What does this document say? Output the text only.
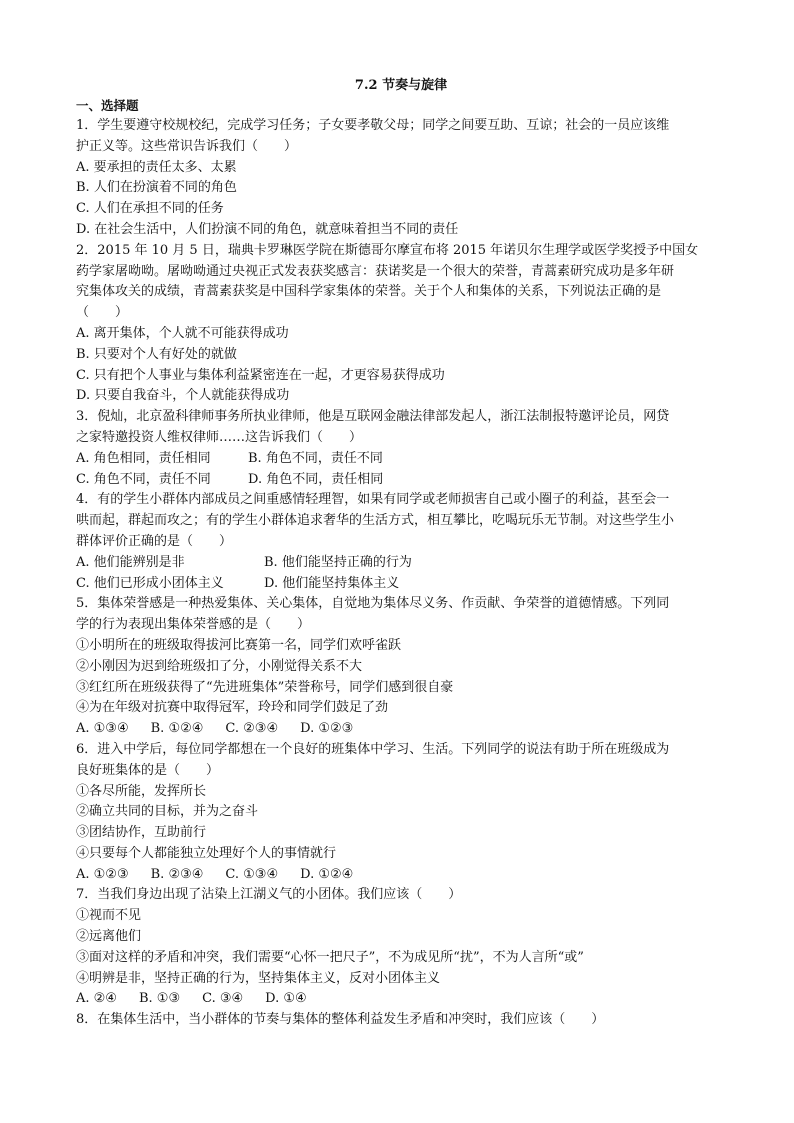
7.2 节奏与旋律
一、选择题
1．学生要遵守校规校纪，完成学习任务；子女要孝敬父母；同学之间要互助、互谅；社会的一员应该维
护正义等。这些常识告诉我们（　　）
A. 要承担的责任太多、太累
B. 人们在扮演着不同的角色
C. 人们在承担不同的任务
D. 在社会生活中，人们扮演不同的角色，就意味着担当不同的责任
2．2015 年 10 月 5 日，瑞典卡罗琳医学院在斯德哥尔摩宣布将 2015 年诺贝尔生理学或医学奖授予中国女
药学家屠呦呦。屠呦呦通过央视正式发表获奖感言：获诺奖是一个很大的荣誉，青蒿素研究成功是多年研
究集体攻关的成绩，青蒿素获奖是中国科学家集体的荣誉。关于个人和集体的关系，下列说法正确的是
（　　）
A. 离开集体，个人就不可能获得成功
B. 只要对个人有好处的就做
C. 只有把个人事业与集体利益紧密连在一起，才更容易获得成功
D. 只要自我奋斗，个人就能获得成功
3．倪灿，北京盈科律师事务所执业律师，他是互联网金融法律部发起人，浙江法制报特邀评论员，网贷
之家特邀投资人维权律师……这告诉我们（　　）
A. 角色相同，责任相同	B. 角色不同，责任不同
C. 角色不同，责任不同	D. 角色不同，责任相同
4．有的学生小群体内部成员之间重感情轻理智，如果有同学或老师损害自己或小圈子的利益，甚至会一
哄而起，群起而攻之；有的学生小群体追求奢华的生活方式，相互攀比，吃喝玩乐无节制。对这些学生小
群体评价正确的是（　　）
A. 他们能辨别是非	B. 他们能坚持正确的行为
C. 他们已形成小团体主义	D. 他们能坚持集体主义
5．集体荣誉感是一种热爱集体、关心集体，自觉地为集体尽义务、作贡献、争荣誉的道德情感。下列同
学的行为表现出集体荣誉感的是（　　）
①小明所在的班级取得拔河比赛第一名，同学们欢呼雀跃
②小刚因为迟到给班级扣了分，小刚觉得关系不大
③红红所在班级获得了“先进班集体”荣誉称号，同学们感到很自豪
④为在年级对抗赛中取得冠军，玲玲和同学们鼓足了劲
A. ①③④ B. ①②④ C. ②③④ D. ①②③
6．进入中学后，每位同学都想在一个良好的班集体中学习、生活。下列同学的说法有助于所在班级成为
良好班集体的是（　　）
①各尽所能，发挥所长
②确立共同的目标，并为之奋斗
③团结协作，互助前行
④只要每个人都能独立处理好个人的事情就行
A. ①②③ B. ②③④ C. ①③④ D. ①②④
7．当我们身边出现了沾染上江湖义气的小团体。我们应该（　　）
①视而不见
②远离他们
③面对这样的矛盾和冲突，我们需要“心怀一把尺子”，不为成见所“扰”，不为人言所“或”
④明辨是非，坚持正确的行为，坚持集体主义，反对小团体主义
A. ②④ B. ①③ C. ③④ D. ①④
8．在集体生活中，当小群体的节奏与集体的整体利益发生矛盾和冲突时，我们应该（　　）
